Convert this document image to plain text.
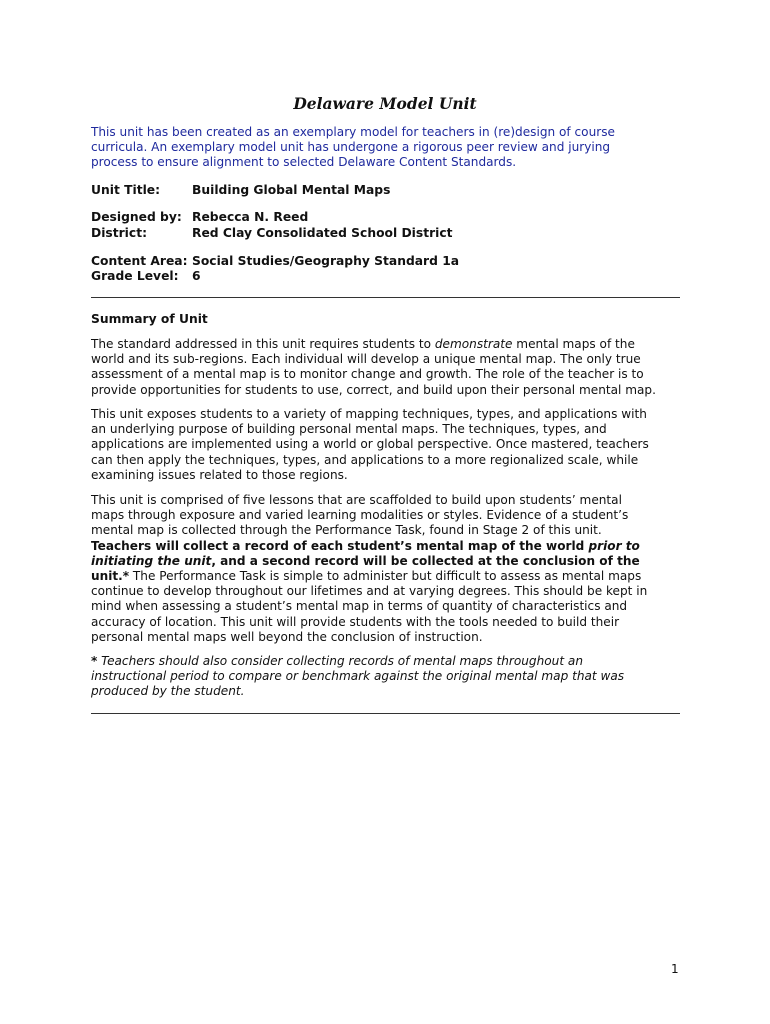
Delaware Model Unit
This unit has been created as an exemplary model for teachers in (re)design of course
curricula. An exemplary model unit has undergone a rigorous peer review and jurying
process to ensure alignment to selected Delaware Content Standards.
Unit Title:	Building Global Mental Maps
Designed by: Rebecca N. Reed
District:	Red Clay Consolidated School District
Content Area: Social Studies/Geography Standard 1a
Grade Level: 6
Summary of Unit

The standard addressed in this unit requires students to demonstrate mental maps of the

world and its sub-regions. Each individual will develop a unique mental map. The only true

assessment of a mental map is to monitor change and growth. The role of the teacher is to

provide opportunities for students to use, correct, and build upon their personal mental map.

This unit exposes students to a variety of mapping techniques, types, and applications with

an underlying purpose of building personal mental maps. The techniques, types, and

applications are implemented using a world or global perspective. Once mastered, teachers

can then apply the techniques, types, and applications to a more regionalized scale, while

examining issues related to those regions.

This unit is comprised of five lessons that are scaffolded to build upon students’ mental

maps through exposure and varied learning modalities or styles. Evidence of a student’s

mental map is collected through the Performance Task, found in Stage 2 of this unit.

Teachers will collect a record of each student’s mental map of the world prior to

initiating the unit, and a second record will be collected at the conclusion of the

unit.* The Performance Task is simple to administer but difficult to assess as mental maps

continue to develop throughout our lifetimes and at varying degrees. This should be kept in

mind when assessing a student’s mental map in terms of quantity of characteristics and

accuracy of location. This unit will provide students with the tools needed to build their

personal mental maps well beyond the conclusion of instruction.

* Teachers should also consider collecting records of mental maps throughout an

instructional period to compare or benchmark against the original mental map that was

produced by the student.

1
